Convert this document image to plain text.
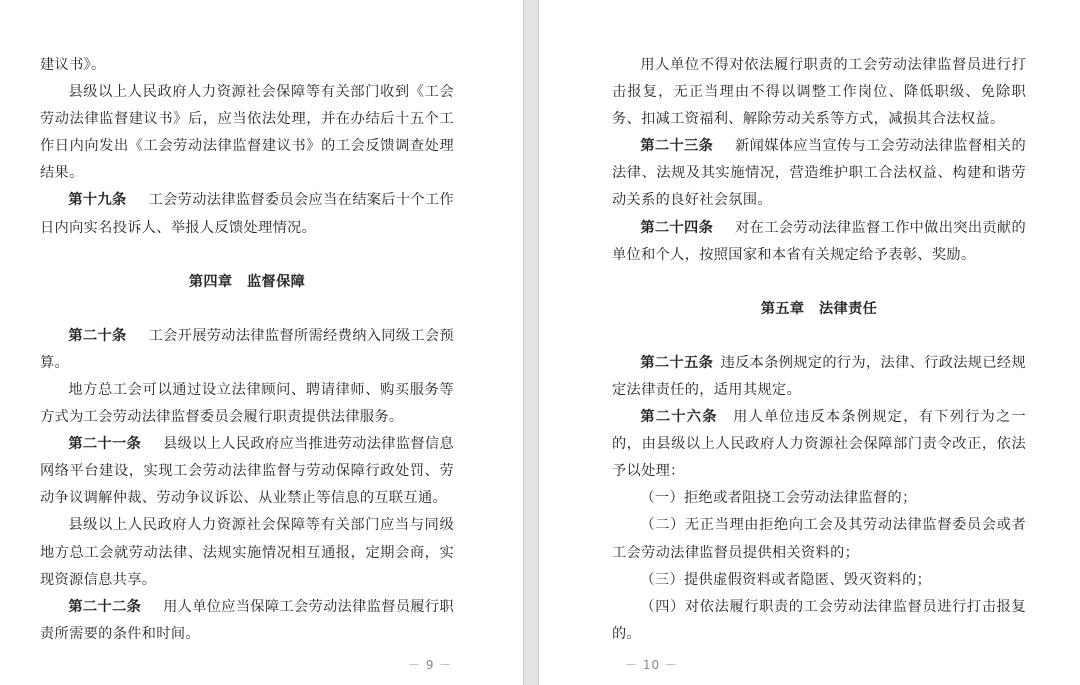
建议书》。

县级以上人民政府人力资源社会保障等有关部门收到《工会劳动法律监督建议书》后，应当依法处理，并在办结后十五个工作日内向发出《工会劳动法律监督建议书》的工会反馈调查处理结果。

第十九条   工会劳动法律监督委员会应当在结案后十个工作日内向实名投诉人、举报人反馈处理情况。

第四章  监督保障

第二十条   工会开展劳动法律监督所需经费纳入同级工会预算。

地方总工会可以通过设立法律顾问、聘请律师、购买服务等方式为工会劳动法律监督委员会履行职责提供法律服务。

第二十一条   县级以上人民政府应当推进劳动法律监督信息网络平台建设，实现工会劳动法律监督与劳动保障行政处罚、劳动争议调解仲裁、劳动争议诉讼、从业禁止等信息的互联互通。

县级以上人民政府人力资源社会保障等有关部门应当与同级地方总工会就劳动法律、法规实施情况相互通报，定期会商，实现资源信息共享。

第二十二条   用人单位应当保障工会劳动法律监督员履行职责所需要的条件和时间。

－ 9 －

用人单位不得对依法履行职责的工会劳动法律监督员进行打击报复，无正当理由不得以调整工作岗位、降低职级、免除职务、扣减工资福利、解除劳动关系等方式，减损其合法权益。

第二十三条   新闻媒体应当宣传与工会劳动法律监督相关的法律、法规及其实施情况，营造维护职工合法权益、构建和谐劳动关系的良好社会氛围。

第二十四条   对在工会劳动法律监督工作中做出突出贡献的单位和个人，按照国家和本省有关规定给予表彰、奖励。

第五章  法律责任

第二十五条  违反本条例规定的行为，法律、行政法规已经规定法律责任的，适用其规定。

第二十六条  用人单位违反本条例规定，有下列行为之一的，由县级以上人民政府人力资源社会保障部门责令改正，依法予以处理：

（一）拒绝或者阻挠工会劳动法律监督的；

（二）无正当理由拒绝向工会及其劳动法律监督委员会或者工会劳动法律监督员提供相关资料的；

（三）提供虚假资料或者隐匿、毁灭资料的；

（四）对依法履行职责的工会劳动法律监督员进行打击报复的。

－ 10 －
